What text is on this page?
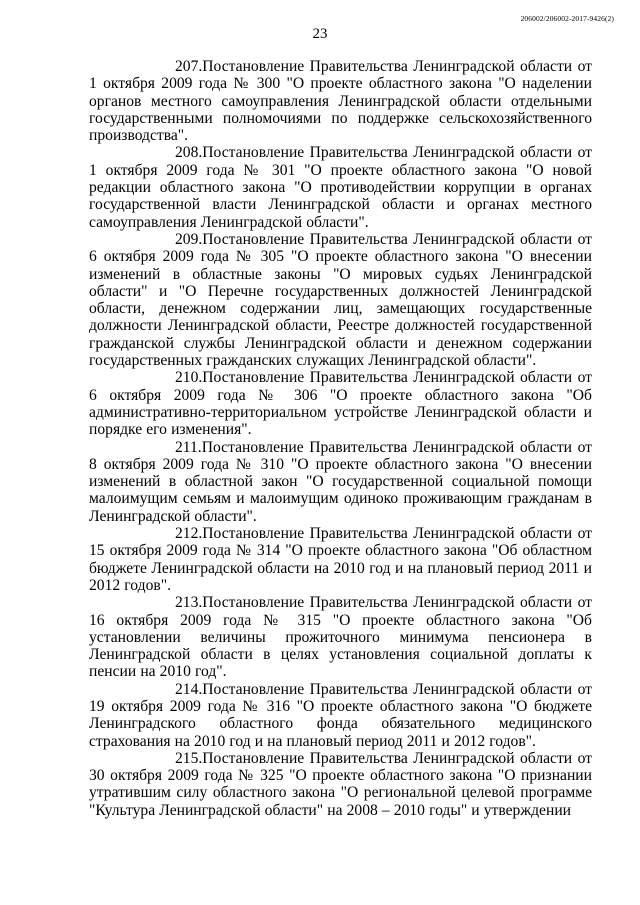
206002/206002-2017-9426(2)
23

207.Постановление Правительства Ленинградской области от 1 октября 2009 года № 300 "О проекте областного закона "О наделении органов местного самоуправления Ленинградской области отдельными государственными полномочиями по поддержке сельскохозяйственного производства".

208.Постановление Правительства Ленинградской области от 1 октября 2009 года № 301 "О проекте областного закона "О новой редакции областного закона "О противодействии коррупции в органах государственной власти Ленинградской области и органах местного самоуправления Ленинградской области".

209.Постановление Правительства Ленинградской области от 6 октября 2009 года № 305 "О проекте областного закона "О внесении изменений в областные законы "О мировых судьях Ленинградской области" и "О Перечне государственных должностей Ленинградской области, денежном содержании лиц, замещающих государственные должности Ленинградской области, Реестре должностей государственной гражданской службы Ленинградской области и денежном содержании государственных гражданских служащих Ленинградской области".

210.Постановление Правительства Ленинградской области от 6 октября 2009 года № 306 "О проекте областного закона "Об административно-территориальном устройстве Ленинградской области и порядке его изменения".

211.Постановление Правительства Ленинградской области от 8 октября 2009 года № 310 "О проекте областного закона "О внесении изменений в областной закон "О государственной социальной помощи малоимущим семьям и малоимущим одиноко проживающим гражданам в Ленинградской области".

212.Постановление Правительства Ленинградской области от 15 октября 2009 года № 314 "О проекте областного закона "Об областном бюджете Ленинградской области на 2010 год и на плановый период 2011 и 2012 годов".

213.Постановление Правительства Ленинградской области от 16 октября 2009 года № 315 "О проекте областного закона "Об установлении величины прожиточного минимума пенсионера в Ленинградской области в целях установления социальной доплаты к пенсии на 2010 год".

214.Постановление Правительства Ленинградской области от 19 октября 2009 года № 316 "О проекте областного закона "О бюджете Ленинградского областного фонда обязательного медицинского страхования на 2010 год и на плановый период 2011 и 2012 годов".

215.Постановление Правительства Ленинградской области от 30 октября 2009 года № 325 "О проекте областного закона "О признании утратившим силу областного закона "О региональной целевой программе "Культура Ленинградской области" на 2008 – 2010 годы" и утверждении
